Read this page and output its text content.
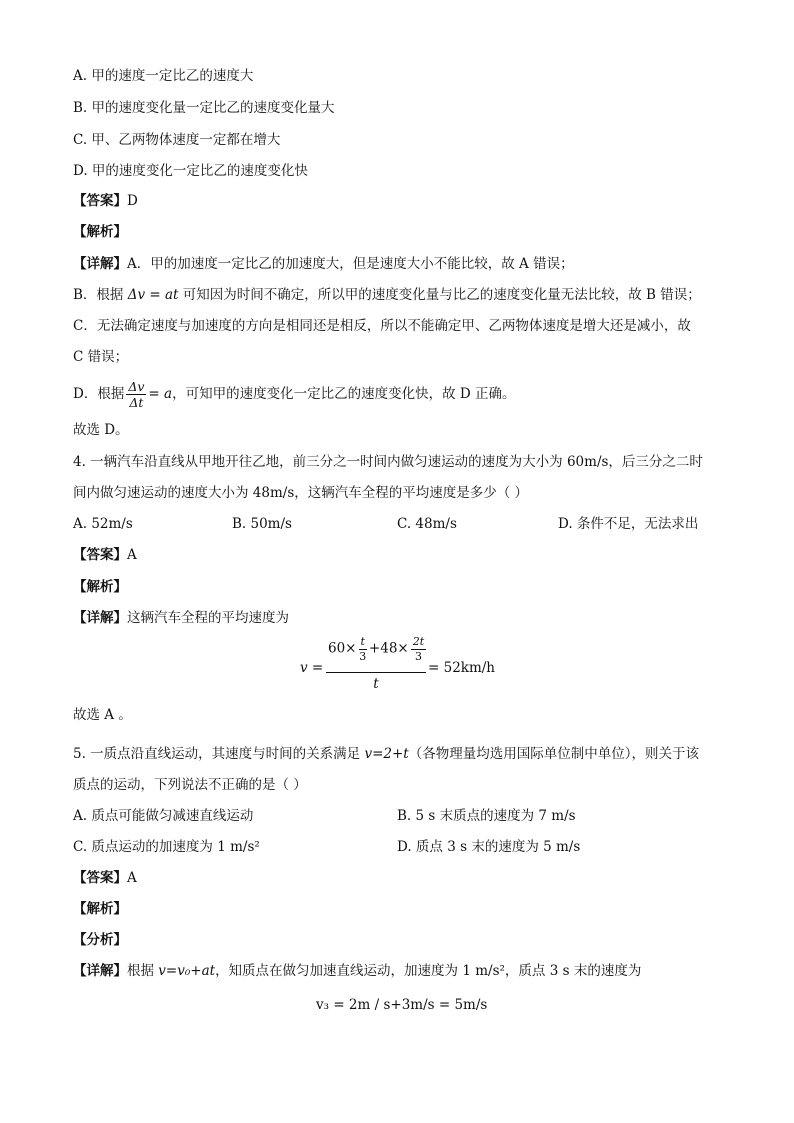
A. 甲的速度一定比乙的速度大
B. 甲的速度变化量一定比乙的速度变化量大
C. 甲、乙两物体速度一定都在增大
D. 甲的速度变化一定比乙的速度变化快
【答案】D
【解析】
【详解】A．甲的加速度一定比乙的加速度大，但是速度大小不能比较，故 A 错误；
B．根据 Δv = at 可知因为时间不确定，所以甲的速度变化量与比乙的速度变化量无法比较，故 B 错误；
C．无法确定速度与加速度的方向是相同还是相反，所以不能确定甲、乙两物体速度是增大还是减小，故
C 错误；
D．根据 $\frac{\Delta v}{\Delta t} = a$，可知甲的速度变化一定比乙的速度变化快，故 D 正确。
故选 D。
4. 一辆汽车沿直线从甲地开往乙地，前三分之一时间内做匀速运动的速度为大小为 60m/s，后三分之二时
间内做匀速运动的速度大小为 48m/s，这辆汽车全程的平均速度是多少（ ）
A. 52m/s	B. 50m/s	C. 48m/s	D. 条件不足，无法求出
【答案】A
【解析】
【详解】这辆汽车全程的平均速度为
v =
$60\times \frac{t}{3} +48\times \frac{2t}{3}$
t
= 52km/h
故选 A 。
5. 一质点沿直线运动，其速度与时间的关系满足 v=2+t（各物理量均选用国际单位制中单位），则关于该
质点的运动，下列说法不正确的是（ ）
A. 质点可能做匀减速直线运动	B. 5 s 末质点的速度为 7 m/s
C. 质点运动的加速度为 1 m/s²	D. 质点 3 s 末的速度为 5 m/s
【答案】A
【解析】
【分析】
【详解】根据 v=v₀+at，知质点在做匀加速直线运动，加速度为 1 m/s²，质点 3 s 末的速度为
v₃ = 2m / s+3m/s = 5m/s
